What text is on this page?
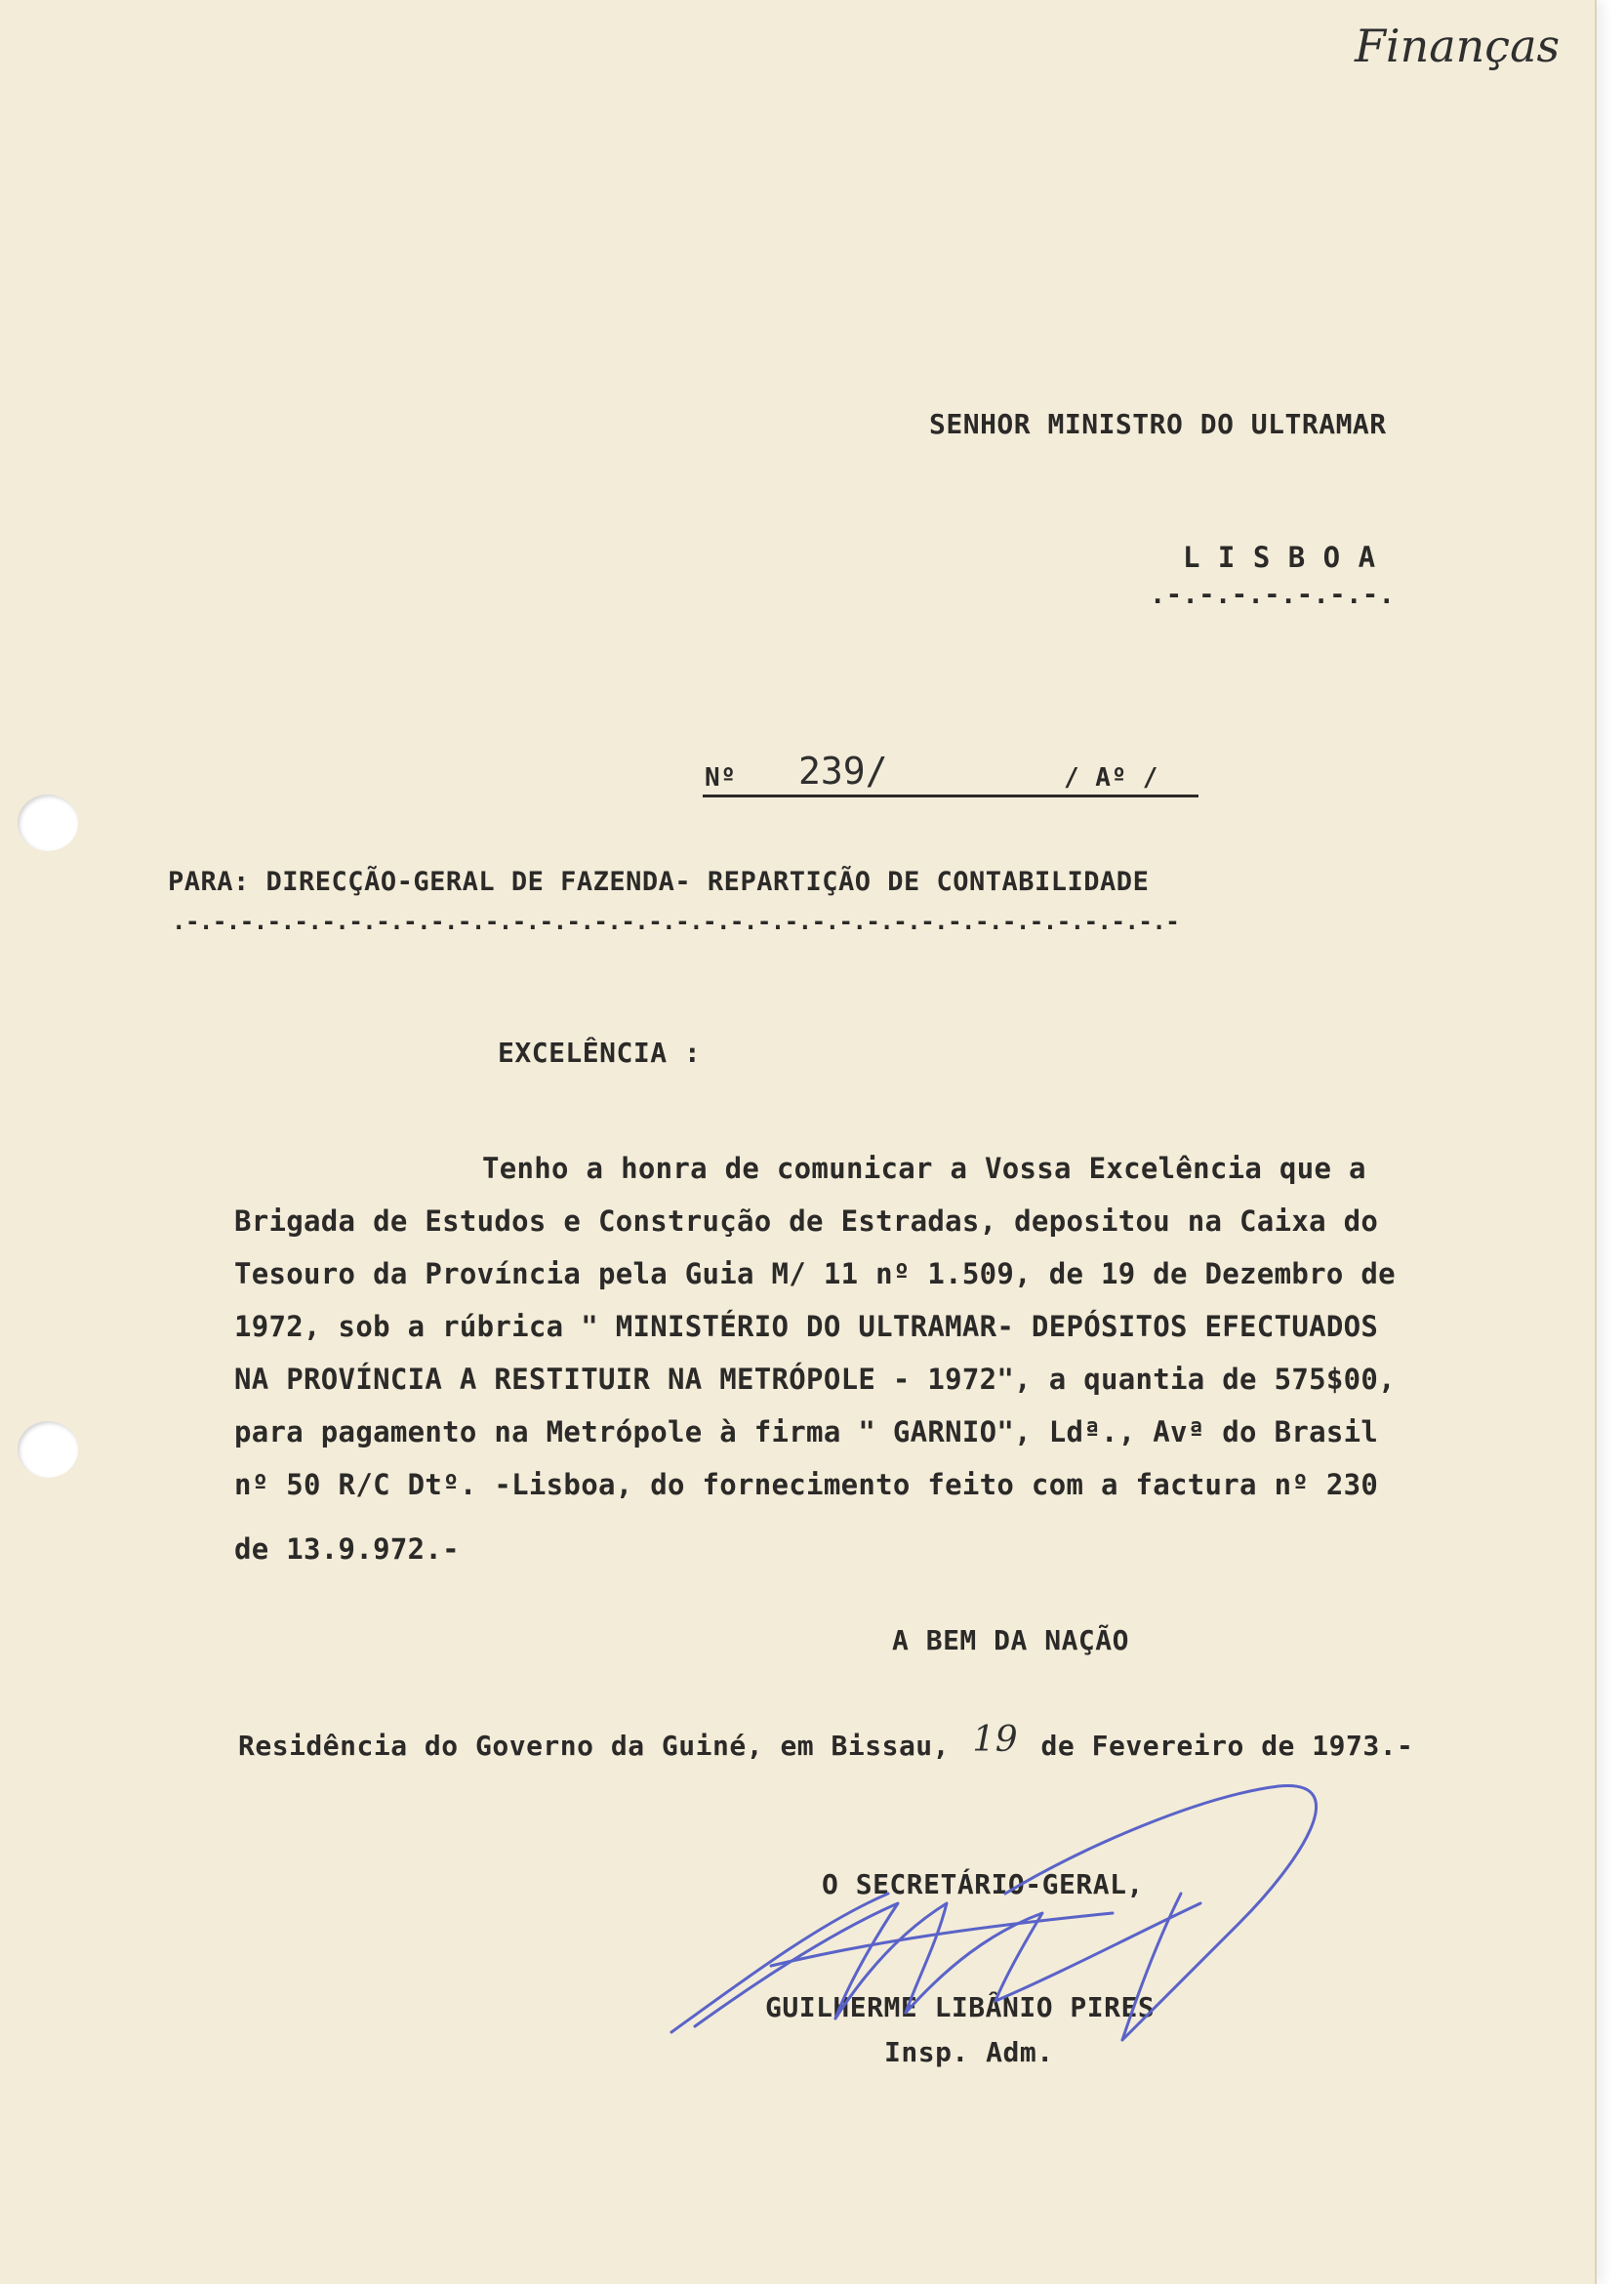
Finanças

SENHOR MINISTRO DO ULTRAMAR

L I S B O A

.-.-.-.-.-.-.-.

Nº 239/	/ Aº /

PARA: DIRECÇÃO-GERAL DE FAZENDA- REPARTIÇÃO DE CONTABILIDADE

.-.-.-.-.-.-.-.-.-.-.-.-.-.-.-.-.-.-.-.-.-.-.-.-.-.-.-.-.-.-.-.-.-.-.-.-.-

EXCELÊNCIA :

Tenho a honra de comunicar a Vossa Excelência que a

Brigada de Estudos e Construção de Estradas, depositou na Caixa do

Tesouro da Província pela Guia M/ 11 nº 1.509, de 19 de Dezembro de

1972, sob a rúbrica " MINISTÉRIO DO ULTRAMAR- DEPÓSITOS EFECTUADOS

NA PROVÍNCIA A RESTITUIR NA METRÓPOLE - 1972", a quantia de 575$00,

para pagamento na Metrópole à firma " GARNIO", Ldª., Avª do Brasil

nº 50 R/C Dtº. -Lisboa, do fornecimento feito com a factura nº 230

de 13.9.972.-

A BEM DA NAÇÃO

Residência do Governo da Guiné, em Bissau, 19 de Fevereiro de 1973.-

O SECRETÁRIO-GERAL,

GUILHERME LIBÂNIO PIRES

Insp. Adm.
